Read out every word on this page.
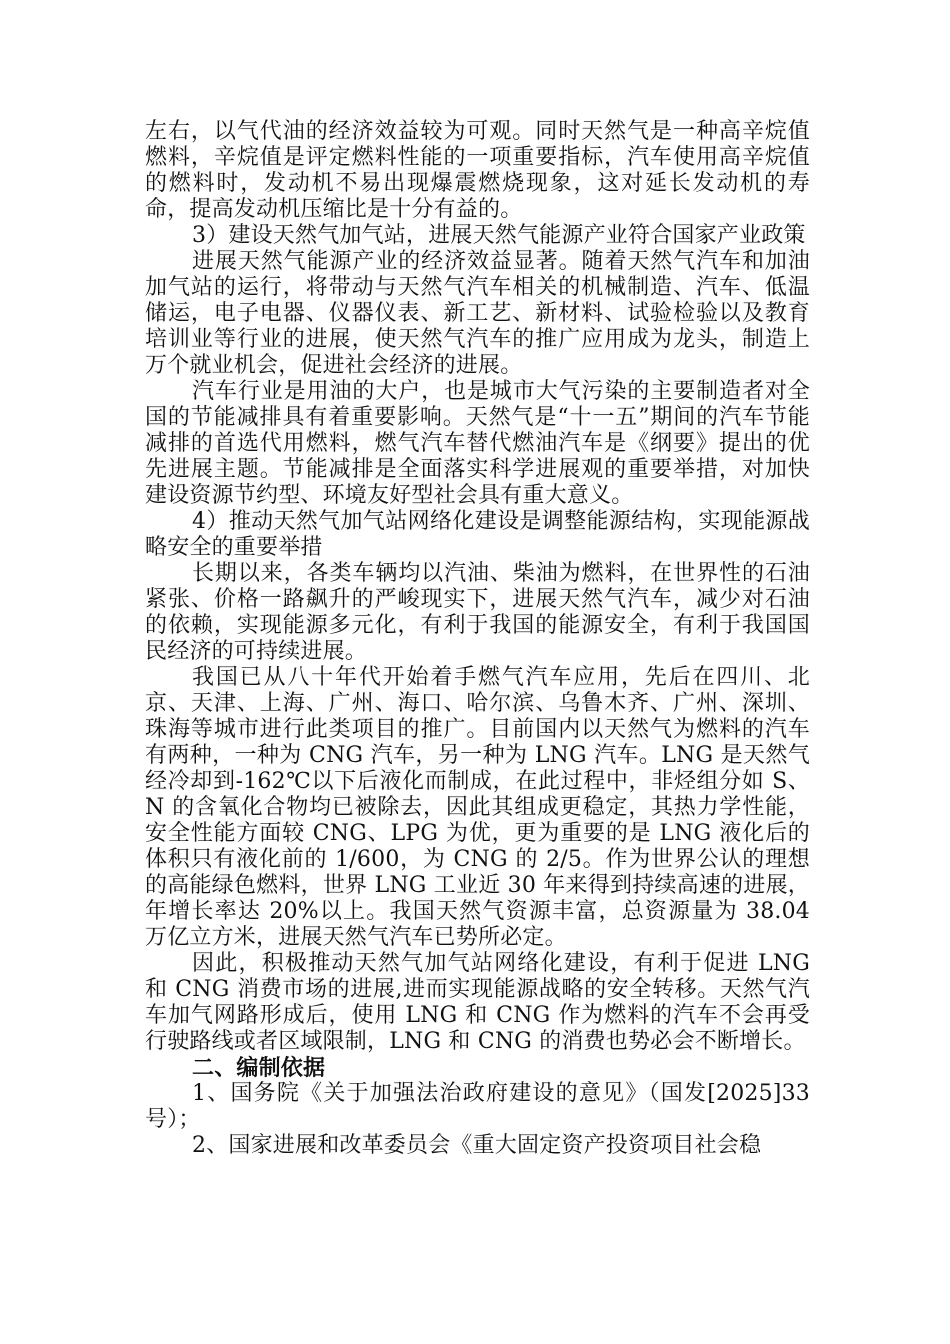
左右，以气代油的经济效益较为可观。同时天然气是一种高辛烷值燃料，辛烷值是评定燃料性能的一项重要指标，汽车使用高辛烷值的燃料时，发动机不易出现爆震燃烧现象，这对延长发动机的寿命，提高发动机压缩比是十分有益的。

3）建设天然气加气站，进展天然气能源产业符合国家产业政策

进展天然气能源产业的经济效益显著。随着天然气汽车和加油加气站的运行，将带动与天然气汽车相关的机械制造、汽车、低温储运，电子电器、仪器仪表、新工艺、新材料、试验检验以及教育培训业等行业的进展，使天然气汽车的推广应用成为龙头，制造上万个就业机会，促进社会经济的进展。

汽车行业是用油的大户，也是城市大气污染的主要制造者对全国的节能减排具有着重要影响。天然气是“十一五”期间的汽车节能减排的首选代用燃料，燃气汽车替代燃油汽车是《纲要》提出的优先进展主题。节能减排是全面落实科学进展观的重要举措，对加快建设资源节约型、环境友好型社会具有重大意义。

4）推动天然气加气站网络化建设是调整能源结构，实现能源战略安全的重要举措

长期以来，各类车辆均以汽油、柴油为燃料，在世界性的石油紧张、价格一路飙升的严峻现实下，进展天然气汽车，减少对石油的依赖，实现能源多元化，有利于我国的能源安全，有利于我国国民经济的可持续进展。

我国已从八十年代开始着手燃气汽车应用，先后在四川、北京、天津、上海、广州、海口、哈尔滨、乌鲁木齐、广州、深圳、珠海等城市进行此类项目的推广。目前国内以天然气为燃料的汽车有两种，一种为 CNG 汽车，另一种为 LNG 汽车。LNG 是天然气经冷却到-162℃以下后液化而制成，在此过程中，非烃组分如 S、N 的含氧化合物均已被除去，因此其组成更稳定，其热力学性能，安全性能方面较 CNG、LPG 为优，更为重要的是 LNG 液化后的体积只有液化前的 1/600，为 CNG 的 2/5。作为世界公认的理想的高能绿色燃料，世界 LNG 工业近 30 年来得到持续高速的进展，年增长率达 20%以上。我国天然气资源丰富，总资源量为 38.04 万亿立方米，进展天然气汽车已势所必定。

因此，积极推动天然气加气站网络化建设，有利于促进 LNG 和 CNG 消费市场的进展,进而实现能源战略的安全转移。天然气汽车加气网路形成后，使用 LNG 和 CNG 作为燃料的汽车不会再受行驶路线或者区域限制，LNG 和 CNG 的消费也势必会不断增长。

二、编制依据

1、国务院《关于加强法治政府建设的意见》（国发[2025]33号）；

2、国家进展和改革委员会《重大固定资产投资项目社会稳
